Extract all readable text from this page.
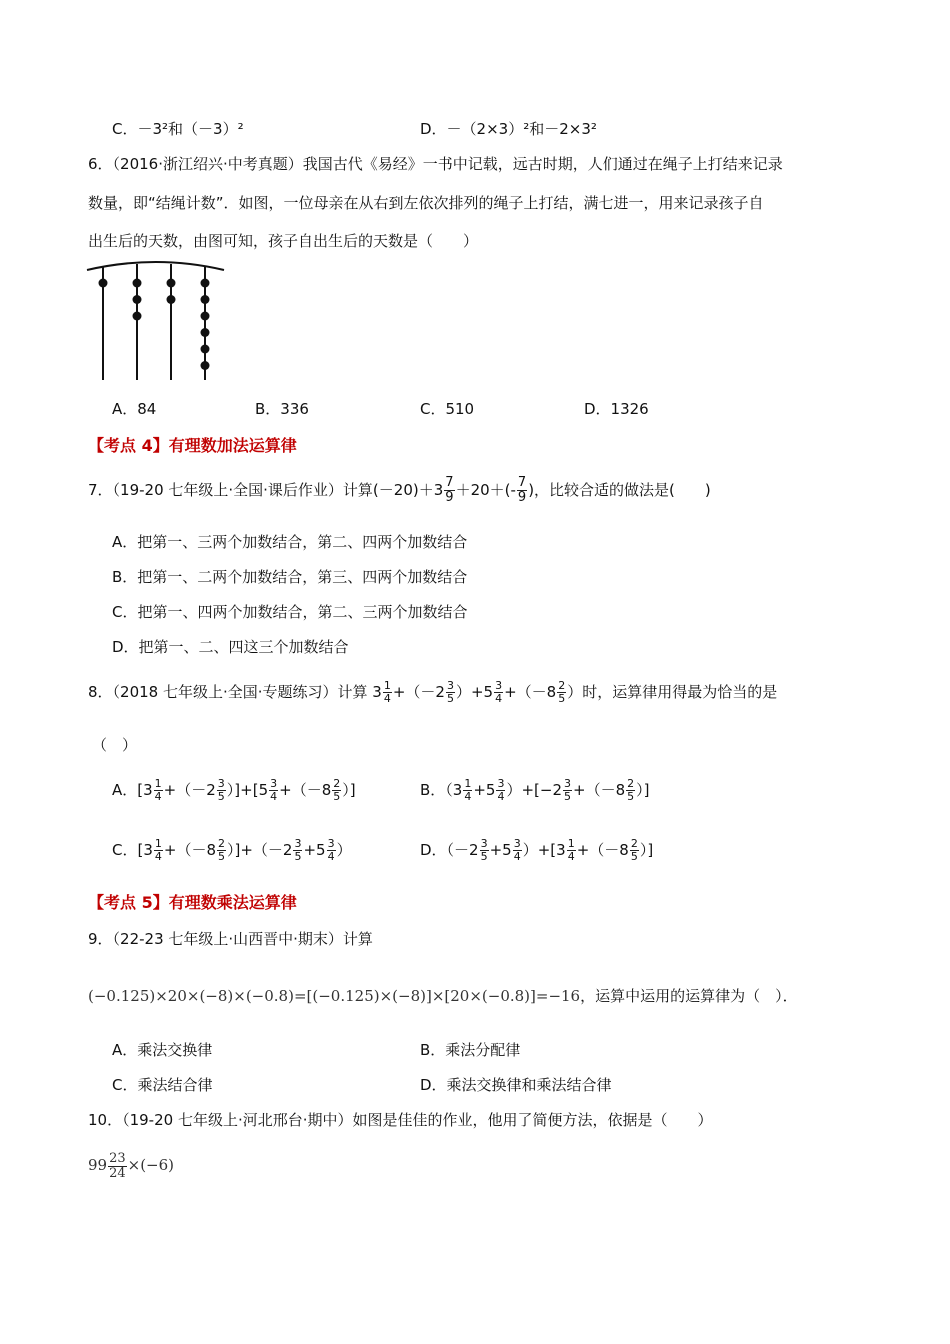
C．－3²和（－3）²	D．－（2×3）²和－2×3²
6．（2016·浙江绍兴·中考真题）我国古代《易经》一书中记载，远古时期，人们通过在绳子上打结来记录
数量，即“结绳计数”．如图，一位母亲在从右到左依次排列的绳子上打结，满七进一，用来记录孩子自
出生后的天数，由图可知，孩子自出生后的天数是（　　）
A．84	B．336	C．510	D．1326
【考点 4】有理数加法运算律
7．（19-20 七年级上·全国·课后作业）计算$(-20)+3 \frac{7}{9} +20+(- \frac{7}{9}$ )，比较合适的做法是(　　)
A．把第一、三两个加数结合，第二、四两个加数结合
B．把第一、二两个加数结合，第三、四两个加数结合
C．把第一、四两个加数结合，第二、三两个加数结合
D．把第一、二、四这三个加数结合
8．（2018 七年级上·全国·专题练习）计算 $3 \frac{1}{4} +(-2 \frac{3}{5} )+5 \frac{3}{4} +(-8 \frac{2}{5}$ ）时，运算律用得最为恰当的是
（　）
A．$[3 \frac{1}{4} +(-2 \frac{3}{5} )]+[5 \frac{3}{4} +(-8 \frac{2}{5}$ ）]	B．$(3 \frac{1}{4} +5 \frac{3}{4} )+[-2 \frac{3}{5} +(-8 \frac{2}{5}$ ）]
C．$[3 \frac{1}{4} +(-8 \frac{2}{5} )]+(-2 \frac{3}{5} +5 \frac{3}{4}$ ）	D．$(-2 \frac{3}{5} +5 \frac{3}{4} )+[3 \frac{1}{4} +(-8 \frac{2}{5}$ ）]
【考点 5】有理数乘法运算律
9．（22-23 七年级上·山西晋中·期末）计算
(−0.125)×20×(−8)×(−0.8)=[(−0.125)×(−8)]×[20×(−0.8)]=−16，运算中运用的运算律为（　）．
A．乘法交换律	B．乘法分配律
C．乘法结合律	D．乘法交换律和乘法结合律
10．（19-20 七年级上·河北邢台·期中）如图是佳佳的作业，他用了简便方法，依据是（　　）
$99 \frac{23}{24} \times(-6)$
